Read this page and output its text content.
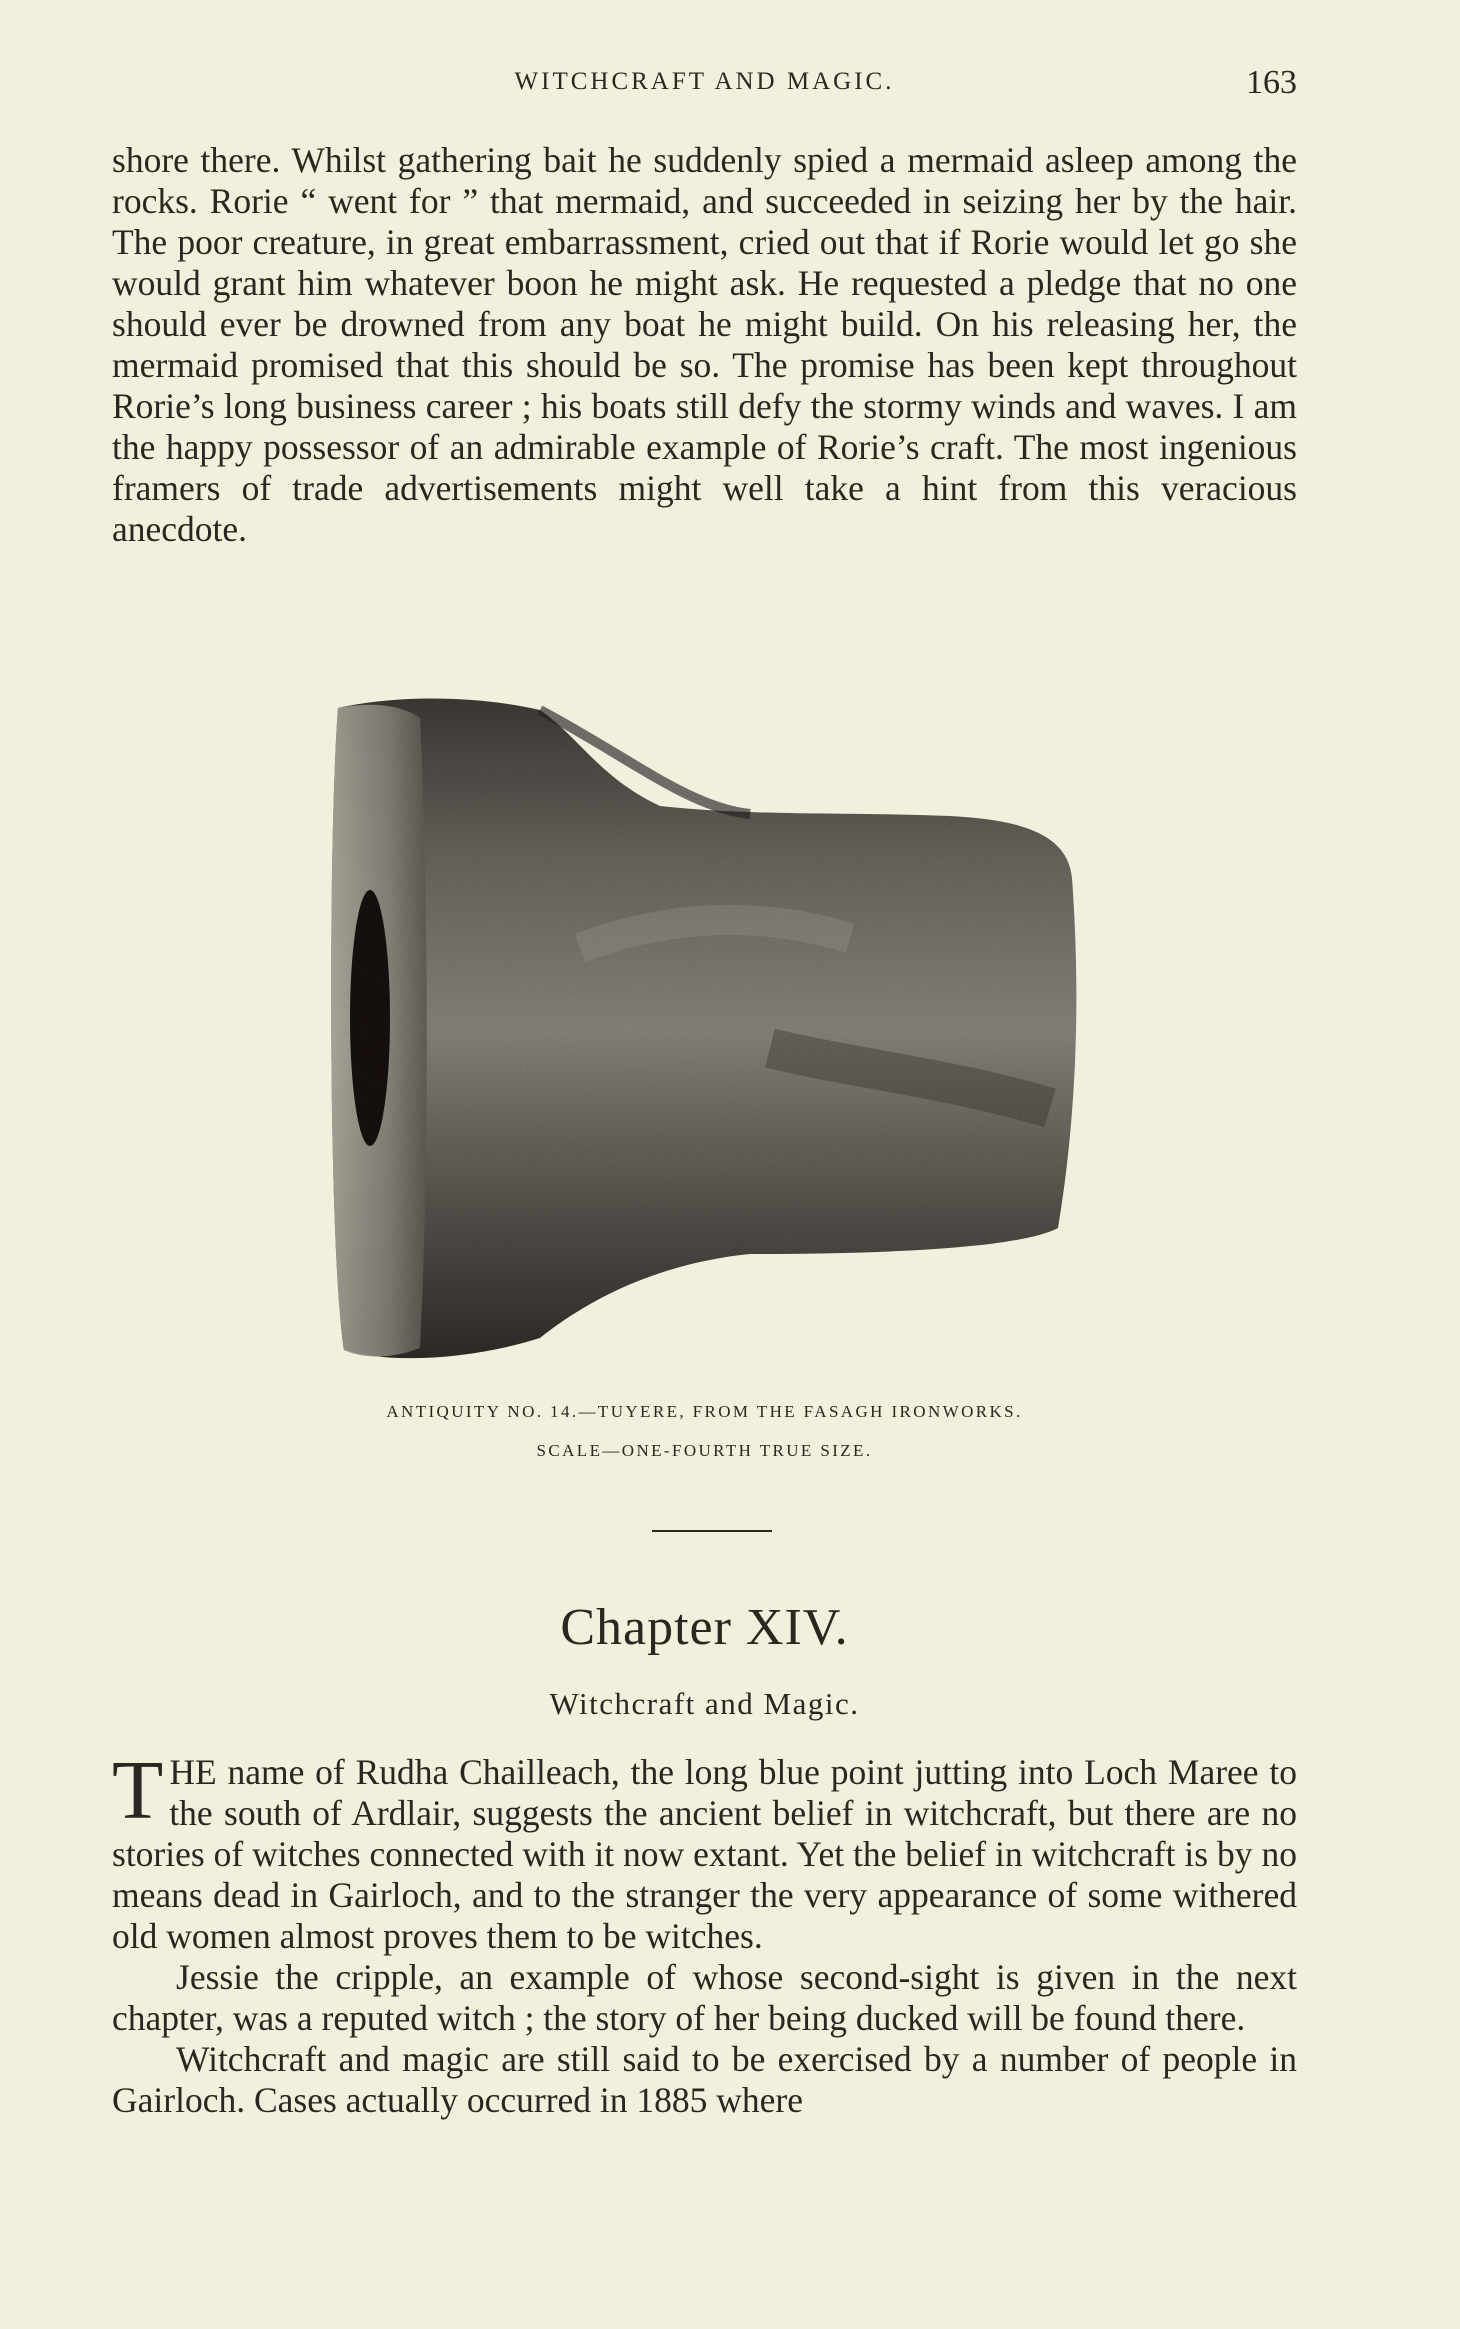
WITCHCRAFT AND MAGIC.	163

shore there. Whilst gathering bait he suddenly spied a mermaid asleep among the rocks. Rorie “ went for ” that mermaid, and succeeded in seizing her by the hair. The poor creature, in great embarrassment, cried out that if Rorie would let go she would grant him whatever boon he might ask. He requested a pledge that no one should ever be drowned from any boat he might build. On his releasing her, the mermaid promised that this should be so. The promise has been kept throughout Rorie’s long business career ; his boats still defy the stormy winds and waves. I am the happy possessor of an admirable example of Rorie’s craft. The most ingenious framers of trade advertisements might well take a hint from this veracious anecdote.

ANTIQUITY NO. 14.—TUYERE, FROM THE FASAGH IRONWORKS.
SCALE—ONE-FOURTH TRUE SIZE.
Chapter XIV.
Witchcraft and Magic.

THE name of Rudha Chailleach, the long blue point jutting into Loch Maree to the south of Ardlair, suggests the ancient belief in witchcraft, but there are no stories of witches connected with it now extant. Yet the belief in witchcraft is by no means dead in Gairloch, and to the stranger the very appearance of some withered old women almost proves them to be witches.

Jessie the cripple, an example of whose second-sight is given in the next chapter, was a reputed witch ; the story of her being ducked will be found there.

Witchcraft and magic are still said to be exercised by a number of people in Gairloch. Cases actually occurred in 1885 where
